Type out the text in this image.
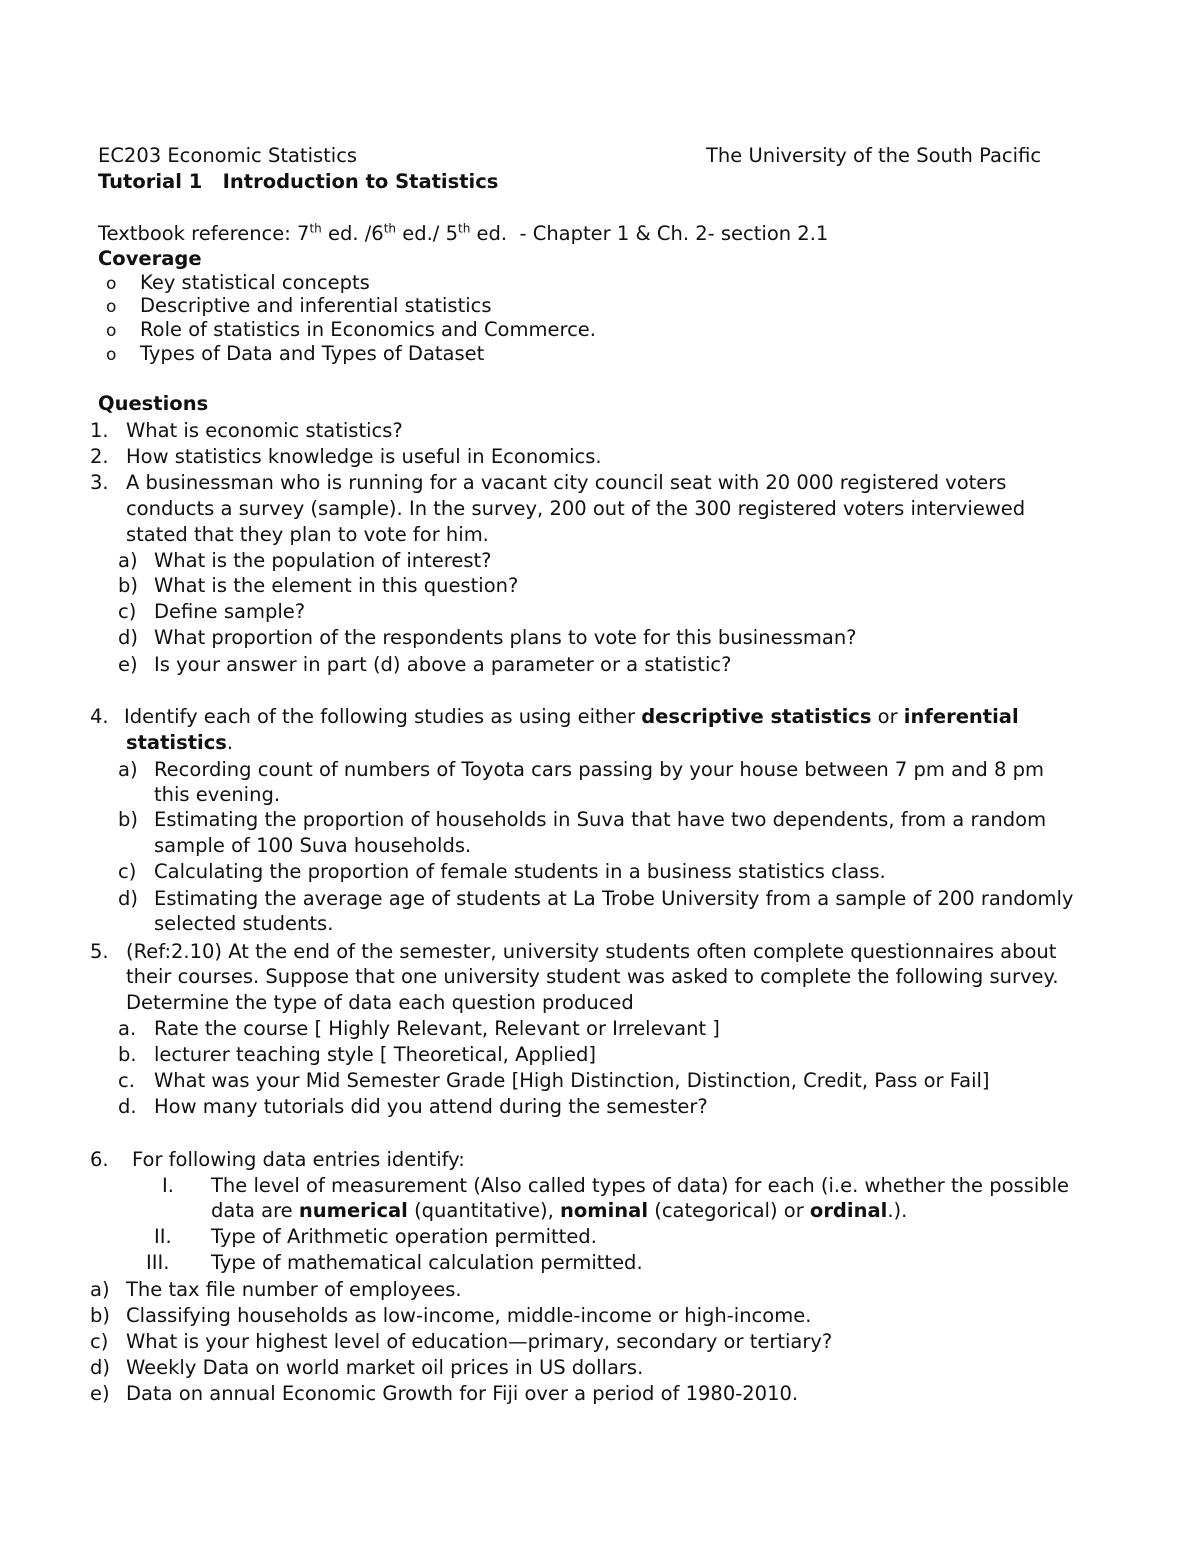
EC203 Economic Statistics	The University of the South Pacific
Tutorial 1   Introduction to Statistics
Textbook reference: 7th ed. /6th ed./ 5th ed.  - Chapter 1 & Ch. 2- section 2.1
Coverage
o Key statistical concepts
o Descriptive and inferential statistics
o Role of statistics in Economics and Commerce.
o Types of Data and Types of Dataset
Questions
1. What is economic statistics?
2. How statistics knowledge is useful in Economics.
3. A businessman who is running for a vacant city council seat with 20 000 registered voters
conducts a survey (sample). In the survey, 200 out of the 300 registered voters interviewed
stated that they plan to vote for him.
a) What is the population of interest?
b) What is the element in this question?
c) Define sample?
d) What proportion of the respondents plans to vote for this businessman?
e) Is your answer in part (d) above a parameter or a statistic?
4. Identify each of the following studies as using either descriptive statistics or inferential
statistics.
a) Recording count of numbers of Toyota cars passing by your house between 7 pm and 8 pm
this evening.
b) Estimating the proportion of households in Suva that have two dependents, from a random
sample of 100 Suva households.
c) Calculating the proportion of female students in a business statistics class.
d) Estimating the average age of students at La Trobe University from a sample of 200 randomly
selected students.
5. (Ref:2.10) At the end of the semester, university students often complete questionnaires about
their courses. Suppose that one university student was asked to complete the following survey.
Determine the type of data each question produced
a. Rate the course [ Highly Relevant, Relevant or Irrelevant ]
b. lecturer teaching style [ Theoretical, Applied]
c. What was your Mid Semester Grade [High Distinction, Distinction, Credit, Pass or Fail]
d. How many tutorials did you attend during the semester?
6. For following data entries identify:
I. The level of measurement (Also called types of data) for each (i.e. whether the possible
data are numerical (quantitative), nominal (categorical) or ordinal.).
II. Type of Arithmetic operation permitted.
III. Type of mathematical calculation permitted.
a) The tax file number of employees.
b) Classifying households as low-income, middle-income or high-income.
c) What is your highest level of education—primary, secondary or tertiary?
d) Weekly Data on world market oil prices in US dollars.
e) Data on annual Economic Growth for Fiji over a period of 1980-2010.
